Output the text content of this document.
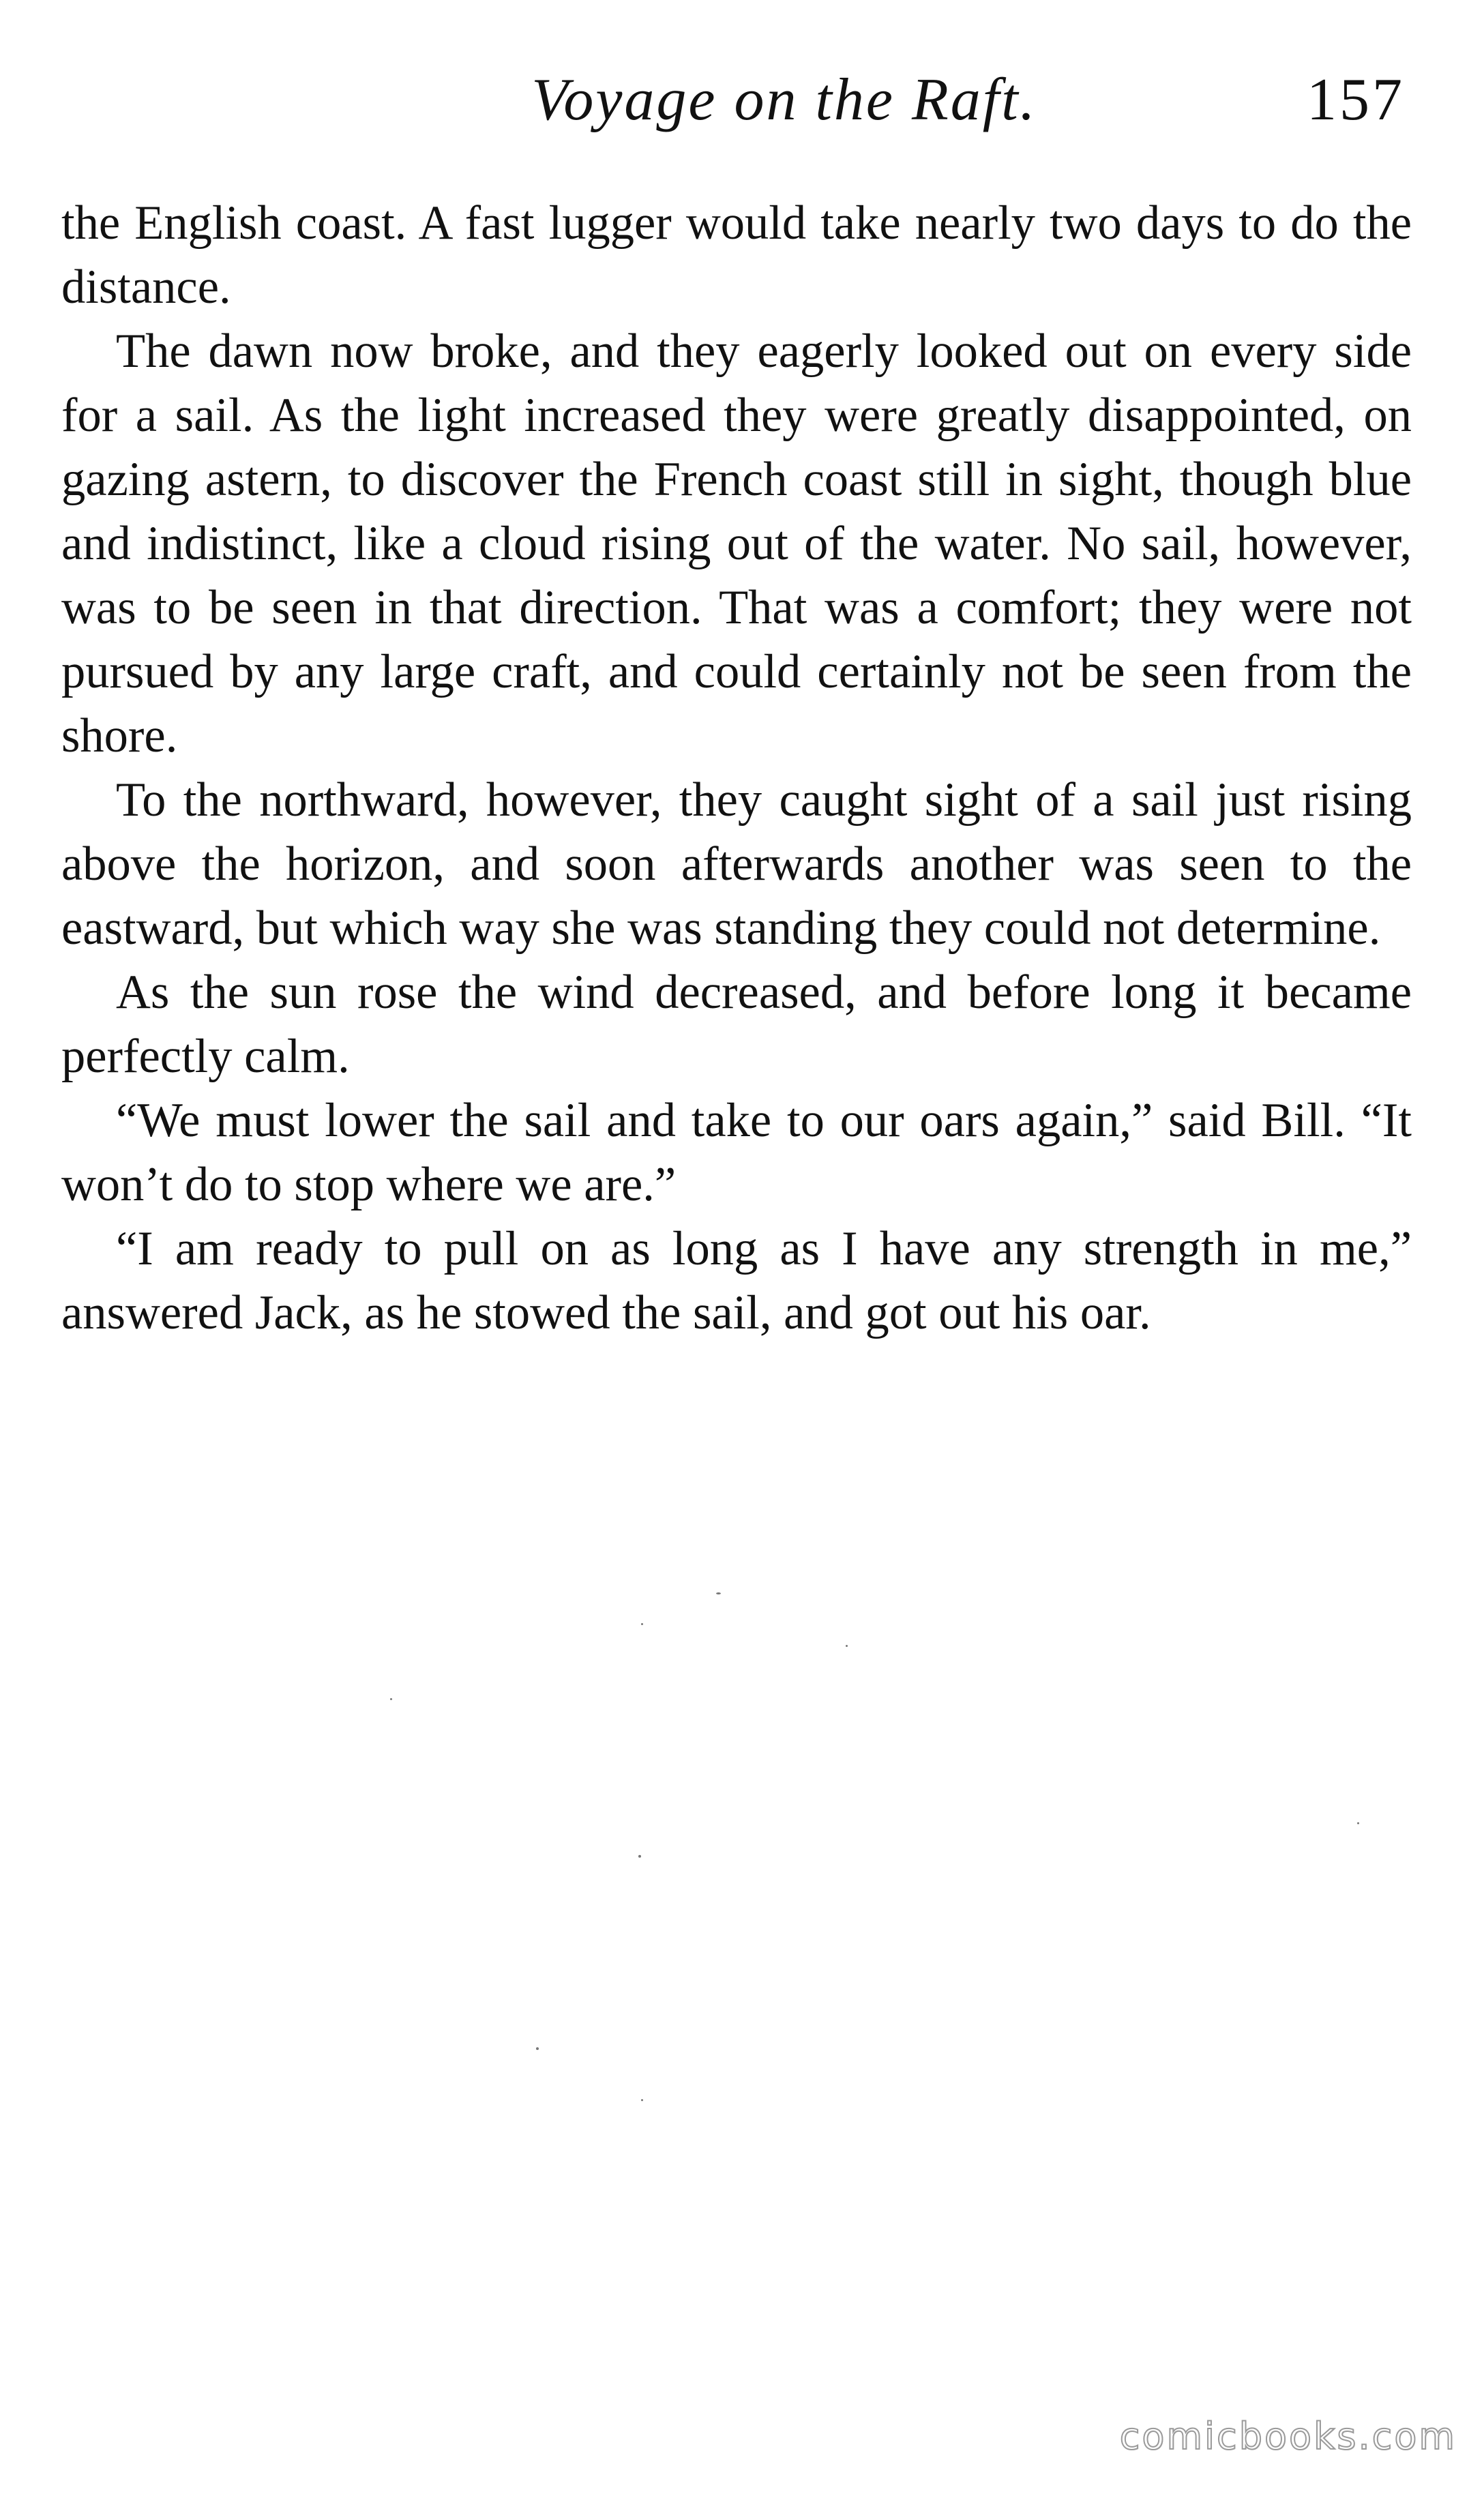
Voyage on the Raft.	157

the English coast. A fast lugger would take nearly two days to do the distance.

The dawn now broke, and they eagerly looked out on every side for a sail. As the light increased they were greatly disappointed, on gazing astern, to discover the French coast still in sight, though blue and indistinct, like a cloud rising out of the water. No sail, however, was to be seen in that direction. That was a comfort; they were not pursued by any large craft, and could certainly not be seen from the shore.

To the northward, however, they caught sight of a sail just rising above the horizon, and soon afterwards another was seen to the eastward, but which way she was standing they could not determine.

As the sun rose the wind decreased, and before long it became perfectly calm.

“We must lower the sail and take to our oars again,” said Bill. “It won’t do to stop where we are.”

“I am ready to pull on as long as I have any strength in me,” answered Jack, as he stowed the sail, and got out his oar.

comicbooks.com
